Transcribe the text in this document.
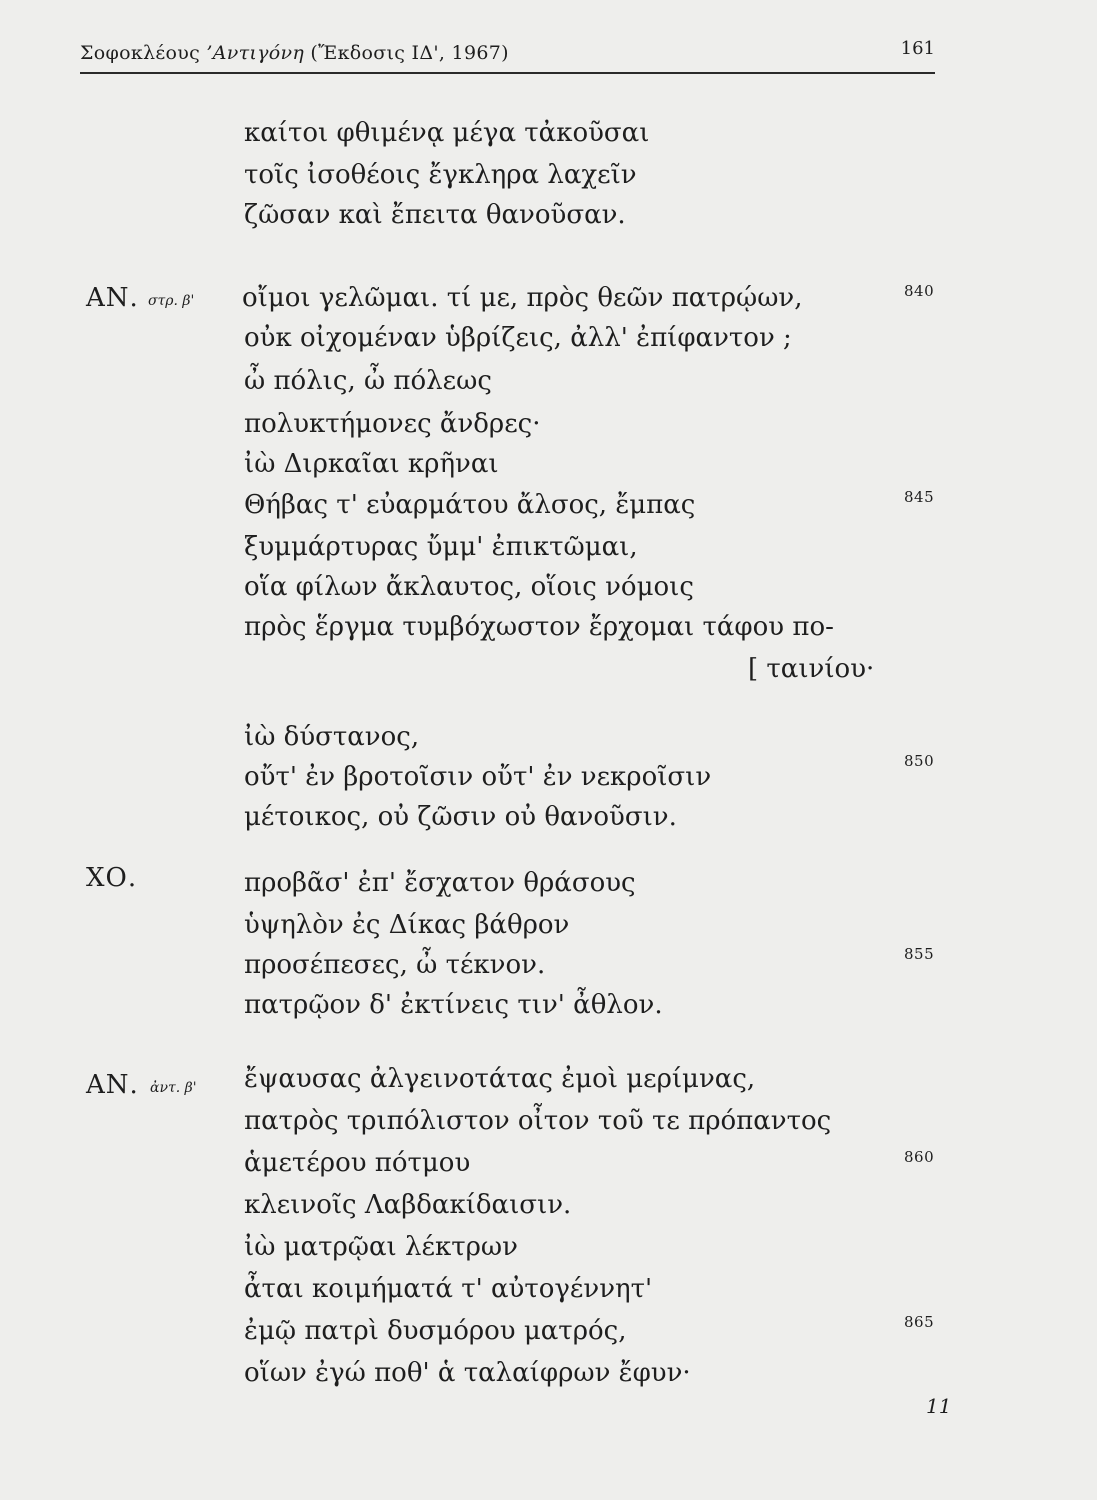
Σοφοκλέους ’Αντιγόνη (Ἔκδοσις ΙΔ', 1967)	161
ΑΝ. στρ. β'
ΧΟ.
ΑΝ. ἀντ. β'
καίτοι φθιμένᾳ μέγα τἀκοῦσαι
τοῖς ἰσοθέοις ἔγκληρα λαχεῖν
ζῶσαν καὶ ἔπειτα θανοῦσαν.
οἴμοι γελῶμαι. τί με, πρὸς θεῶν πατρῴων,
οὐκ οἰχομέναν ὑβρίζεις, ἀλλ' ἐπίφαντον ;
ὦ πόλις, ὦ πόλεως
πολυκτήμονες ἄνδρες·
ἰὼ Διρκαῖαι κρῆναι
Θήβας τ' εὐαρμάτου ἄλσος, ἔμπας
ξυμμάρτυρας ὔμμ' ἐπικτῶμαι,
οἵα φίλων ἄκλαυτος, οἵοις νόμοις
πρὸς ἕργμα τυμβόχωστον ἔρχομαι τάφου πο-
[ ταινίου·
ἰὼ δύστανος,
οὔτ' ἐν βροτοῖσιν οὔτ' ἐν νεκροῖσιν
μέτοικος, οὐ ζῶσιν οὐ θανοῦσιν.
προβᾶσ' ἐπ' ἔσχατον θράσους
ὑψηλὸν ἐς Δίκας βάθρον
προσέπεσες, ὦ τέκνον.
πατρῷον δ' ἐκτίνεις τιν' ἆθλον.
ἔψαυσας ἀλγεινοτάτας ἐμοὶ μερίμνας,
πατρὸς τριπόλιστον οἶτον τοῦ τε πρόπαντος
ἁμετέρου πότμου
κλεινοῖς Λαβδακίδαισιν.
ἰὼ ματρῷαι λέκτρων
ἆται κοιμήματά τ' αὐτογέννητ'
ἐμῷ πατρὶ δυσμόρου ματρός,
οἵων ἐγώ ποθ' ἁ ταλαίφρων ἔφυν·
840
845
850
855
860
865
11
